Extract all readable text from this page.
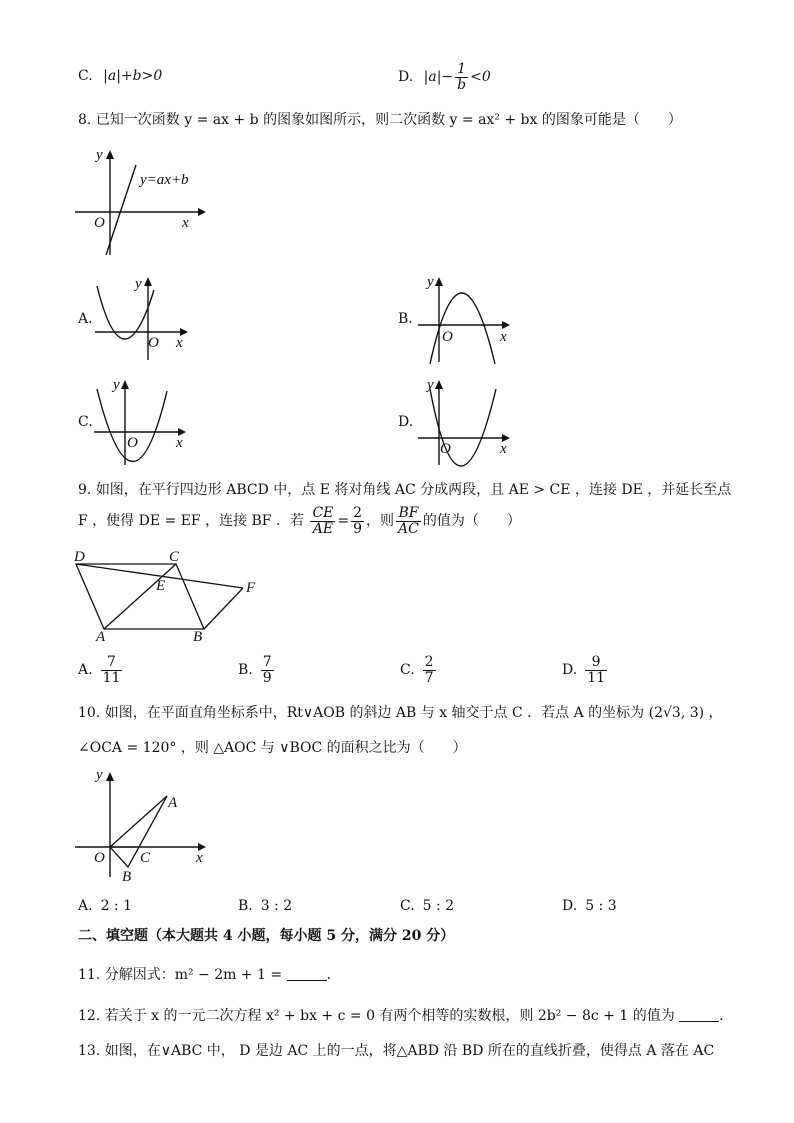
C. |a|+b>0	D. $|a|- \frac{1}{b} <0$
8. 已知一次函数 y = ax + b 的图象如图所示，则二次函数 y = ax² + bx 的图象可能是（　　）
y
O	x
y=ax+b
A.
y
O x
B.
y
O	x
C.
y
O	x
D.
y
O	x
9. 如图，在平行四边形 ABCD 中，点 E 将对角线 AC 分成两段，且 AE > CE ，连接 DE ，并延长至点
F ，使得 DE = EF ，连接 BF ．若 $\frac{CE}{AE} = \frac{2}{9}$ ，则 $\frac{BF}{AC}$ 的值为（　　）
D	C
E	F
A	B
A. $\frac{7}{11}$	B. $\frac{7}{9}$	C. $\frac{2}{7}$	D. $\frac{9}{11}$
10. 如图，在平面直角坐标系中，Rt∨AOB 的斜边 AB 与 x 轴交于点 C ．若点 A 的坐标为 (2√3, 3) ，
∠OCA = 120° ，则 △AOC 与 ∨BOC 的面积之比为（　　）
y
O
A
B
C	x
A. 2 : 1	B. 3 : 2	C. 5 : 2	D. 5 : 3
二、填空题（本大题共 4 小题，每小题 5 分，满分 20 分）
11. 分解因式：m² − 2m + 1 =	．
12. 若关于 x 的一元二次方程 x² + bx + c = 0 有两个相等的实数根，则 2b² − 8c + 1 的值为	．
13. 如图，在∨ABC 中， D 是边 AC 上的一点，将△ABD 沿 BD 所在的直线折叠，使得点 A 落在 AC
